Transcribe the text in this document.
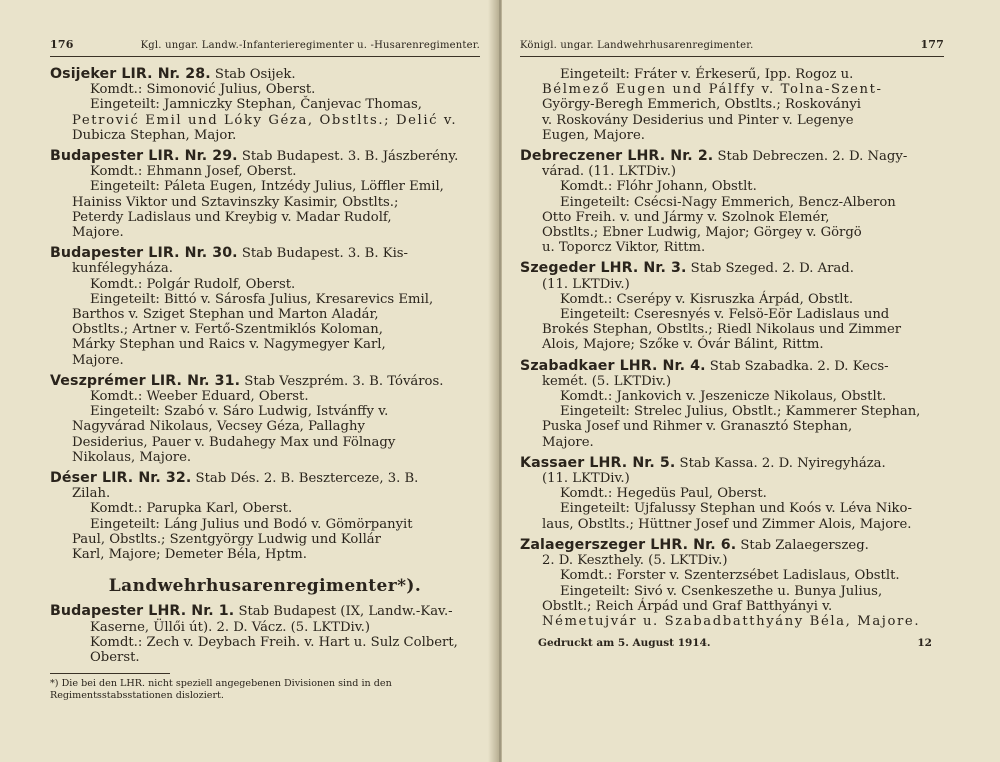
176	Kgl. ungar. Landw.-Infanterieregimenter u. -Husarenregimenter.
Osijeker LIR. Nr. 28. Stab Osijek.
Komdt.: Simonović Julius, Oberst.
Eingeteilt: Jamniczky Stephan, Čanjevac Thomas,
Petrović Emil und Lóky Géza, Obstlts.; Delić v.
Dubicza Stephan, Major.
Budapester LIR. Nr. 29. Stab Budapest. 3. B. Jászberény.
Komdt.: Ehmann Josef, Oberst.
Eingeteilt: Páleta Eugen, Intzédy Julius, Löffler Emil,
Hainiss Viktor und Sztavinszky Kasimir, Obstlts.;
Peterdy Ladislaus und Kreybig v. Madar Rudolf,
Majore.
Budapester LIR. Nr. 30. Stab Budapest. 3. B. Kis-
kunfélegyháza.
Komdt.: Polgár Rudolf, Oberst.
Eingeteilt: Bittó v. Sárosfa Julius, Kresarevics Emil,
Barthos v. Sziget Stephan und Marton Aladár,
Obstlts.; Artner v. Fertő-Szentmiklós Koloman,
Márky Stephan und Raics v. Nagymegyer Karl,
Majore.
Veszprémer LIR. Nr. 31. Stab Veszprém. 3. B. Tóváros.
Komdt.: Weeber Eduard, Oberst.
Eingeteilt: Szabó v. Sáro Ludwig, Istvánffy v.
Nagyvárad Nikolaus, Vecsey Géza, Pallaghy
Desiderius, Pauer v. Budahegy Max und Fölnagy
Nikolaus, Majore.
Déser LIR. Nr. 32. Stab Dés. 2. B. Beszterceze, 3. B.
Zilah.
Komdt.: Parupka Karl, Oberst.
Eingeteilt: Láng Julius und Bodó v. Gömörpanyit
Paul, Obstlts.; Szentgyörgy Ludwig und Kollár
Karl, Majore; Demeter Béla, Hptm.
Landwehrhusarenregimenter*).
Budapester LHR. Nr. 1. Stab Budapest (IX, Landw.-Kav.-
Kaserne, Üllői út). 2. D. Vácz. (5. LKTDiv.)
Komdt.: Zech v. Deybach Freih. v. Hart u. Sulz Colbert,
Oberst.
*) Die bei den LHR. nicht speziell angegebenen Divisionen sind in den Regimentsstabsstationen disloziert.
Königl. ungar. Landwehrhusarenregimenter.	177
Eingeteilt: Fráter v. Érkeserű, Ipp. Rogoz u.
Bélmező Eugen und Pálffy v. Tolna-Szent-
György-Beregh Emmerich, Obstlts.; Roskoványi
v. Roskovány Desiderius und Pinter v. Legenye
Eugen, Majore.
Debreczener LHR. Nr. 2. Stab Debreczen. 2. D. Nagy-
várad. (11. LKTDiv.)
Komdt.: Flóhr Johann, Obstlt.
Eingeteilt: Csécsi-Nagy Emmerich, Bencz-Alberon
Otto Freih. v. und Jármy v. Szolnok Elemér,
Obstlts.; Ebner Ludwig, Major; Görgey v. Görgö
u. Toporcz Viktor, Rittm.
Szegeder LHR. Nr. 3. Stab Szeged. 2. D. Arad.
(11. LKTDiv.)
Komdt.: Cserépy v. Kisruszka Árpád, Obstlt.
Eingeteilt: Cseresnyés v. Felsö-Eör Ladislaus und
Brokés Stephan, Obstlts.; Riedl Nikolaus und Zimmer
Alois, Majore; Szőke v. Óvár Bálint, Rittm.
Szabadkaer LHR. Nr. 4. Stab Szabadka. 2. D. Kecs-
kemét. (5. LKTDiv.)
Komdt.: Jankovich v. Jeszenicze Nikolaus, Obstlt.
Eingeteilt: Strelec Julius, Obstlt.; Kammerer Stephan,
Puska Josef und Rihmer v. Granasztó Stephan,
Majore.
Kassaer LHR. Nr. 5. Stab Kassa. 2. D. Nyiregyháza.
(11. LKTDiv.)
Komdt.: Hegedüs Paul, Oberst.
Eingeteilt: Ujfalussy Stephan und Koós v. Léva Niko-
laus, Obstlts.; Hüttner Josef und Zimmer Alois, Majore.
Zalaegerszeger LHR. Nr. 6. Stab Zalaegerszeg.
2. D. Keszthely. (5. LKTDiv.)
Komdt.: Forster v. Szenterzsébet Ladislaus, Obstlt.
Eingeteilt: Sivó v. Csenkeszethe u. Bunya Julius,
Obstlt.; Reich Árpád und Graf Batthyányi v.
Németujvár u. Szabadbatthyány Béla, Majore.
Gedruckt am 5. August 1914.	12
